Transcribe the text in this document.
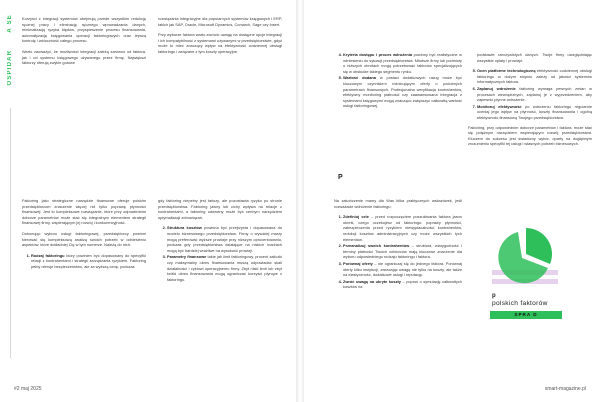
OSPIDAR      A SE Korzyści z integracji systemów obejmują przede wszystkim redukcję ręcznej pracy i eliminację ręcznego wprowadzania danych, minimalizację ryzyka błędów, przyspieszenie procesu finansowania, automatyzację księgowania operacji faktoringowych oraz lepszą kontrolę i widoczność całego procesu.

Warto zauważyć, że możliwości integracji zależą zarówno od faktora, jak i od systemu księgowego używanego przez firmę. Największi faktorzy oferują zwykle gotowe

rozwiązania integracyjne dla popularnych systemów księgowych i ERP, takich jak SAP, Oracle, Microsoft Dynamics, Comarch, Sage czy Insert.

Przy wyborze faktora warto zwrócić uwagę na dostępne opcje integracji i ich kompatybilność z systemami używanymi w przedsiębiorstwie, gdyż może to mieć znaczący wpływ na efektywność codziennej obsługi faktoringu i związane z tym koszty operacyjne.

Faktoring jako strategiczne narzędzie finansowe oferuje polskim przedsiębiorcom znaczenie więcej niż tylko poprawę płynności finansowej. Jest to kompleksowe rozwiązanie, które przy odpowiednim doborze parametrów może stać się integralnym elementem strategii finansowej firmy, wspierającym jej rozwój i konkurencyjność.

Dokonując wyboru usługi faktoringowej, przedsiębiorcy powinni kierować się kompleksową analizą swoich potrzeb w odniesieniu aspektów, które dokładniej Cię w tym numerze. Należą do nich:

1. Rodzaj faktoringu który powinien być dopasowany do specyfiki relacji z kontrahentami i strategii zarządzania ryzykiem. Faktoring pełny oferuje bezpieczeństwo, ale za wyższą cenę, podczas

gdy faktoring niepełny jest tańszy, ale pozostawia ryzyko po stronie przedsiębiorstwa. Faktoring jawny lub cichy wpływa na relacje z kontrahentami, a faktoring odwrotny może być cennym narzędziem optymalizacji zobowiązań.

2. Struktura kosztów powinna być przejrzysta i dopasowana do modelu biznesowego przedsiębiorstwa. Firmy o wysokiej marży mogą preferować wyższe prowizje przy niższym oprocentowaniu, podczas gdy przedsiębiorstwa działające na niskich marżach mogą być bardziej wrażliwe na wysokość prowizji.
3. Parametry finansowe takie jak limit faktoringowy, procent zaliczki czy maksymalny okres finansowania muszą odpowiadać skali działalności i cyklowi operacyjnemu firmy. Zbyt niski limit lub zbyt krótki okres finansowania mogą ograniczać korzyści płynące z faktoringu.
#2 maj 2025
4. Kryteria dostępu i proces wdrożenia powinny być realistyczne w odniesieniu do sytuacji przedsiębiorstwa. Młodsze firmy lub podmioty o niższych obrotach mogą potrzebować faktorów specjalizujących się w obsłudze takiego segmentu rynku.
5. Wartość dodana w postaci dodatkowych usług może być kluczowym czynnikiem różnicującym oferty o podobnych parametrach finansowych. Profesjonalna weryfikacja kontrahentów, efektywny monitoring płatności czy zaawansowana integracja z systemami księgowymi mogą znacząco zwiększyć całkowitą wartość usługi faktoringowej.

podstawie rzeczywistych danych. Twoje firmy uwzględniając wszystkie opłaty i prowizje.

5. Ocen platforme technologiczną efektywność codziennej obsługi faktoringu w dużym stopniu zależy od jakości systemów informatycznych faktora.
6. Zaplanuj wdrożenie faktoring wymaga pewnych zmian w procesach wewnętrznych, zaplanuj je z wyprzedzeniem, aby zapewnić płynne wdrożenie.
7. Monitoruj efektywność po wdrożeniu faktoringu regularnie oceniaj jego wpływ na płynność, koszty finansowania i ogólną efektywność finansową Twojego przedsiębiorstwa.

Faktoring, przy odpowiednim doborze parametrów i faktora, może stać się potężnym narzędziem wspierającym rozwój przedsiębiorstwa. Kluczem do sukcesu jest świadomy wybór, oparty na dogłębnym zrozumieniu specyfiki tej usługi i własnych potrzeb biznesowych.

P

Na zakończenie mamy dla Was kilka praktycznych wskazówek, jeśli rozważacie wdrożenie faktoringu:

1. Zdefiniuj cele – przed rozpoczęciem poszukiwania faktora jasno określ, czego oczekujesz od faktoringu: poprawy płynności, zabezpieczenia przed ryzykiem niewypłacalności kontrahentów, redukcji kosztów administracyjnych czy może wszystkich tych elementów.
2. Przeanalizuj swoich kontrahentów – struktura, wiarygodność i terminy płatności Twoich odbiorców mają kluczowe znaczenie dla wyboru odpowiedniego rodzaju faktoringu i faktora.
3. Porównaj oferty – nie ograniczaj się do jednego faktora. Porównaj oferty kilku instytucji, zwracając uwagę nie tylko na koszty, ale także na elastyczność, dodatkowe usługi i reputację.
4. Zwróć uwagę na ukryte koszty – poproś o symulację całkowitych kosztów na
smart-magazine.pl
p
polskich faktorów
SPRA D
